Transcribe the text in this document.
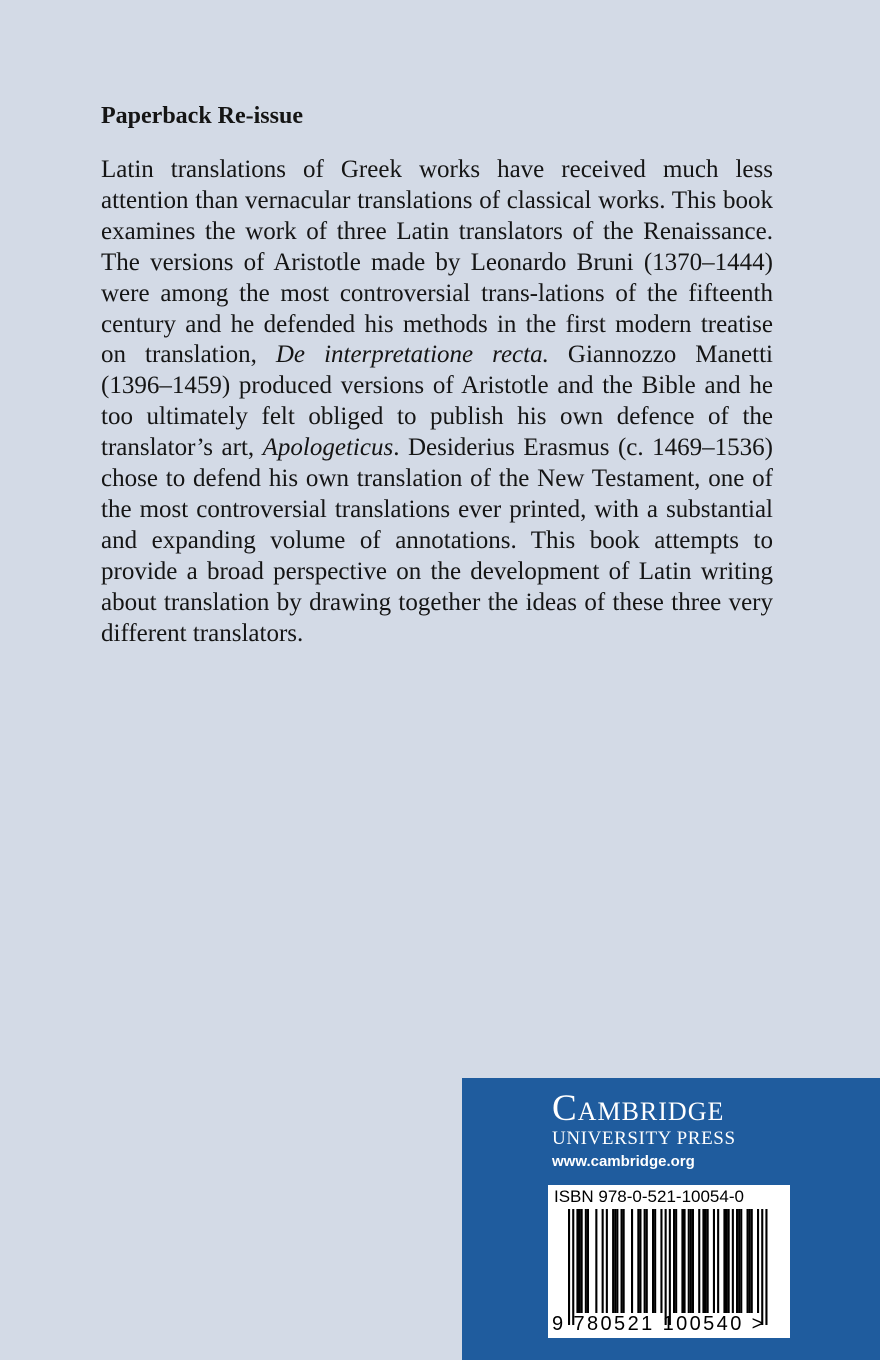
Paperback Re-issue

Latin translations of Greek works have received much less attention than vernacular translations of classical works. This book examines the work of three Latin translators of the Renaissance. The versions of Aristotle made by Leonardo Bruni (1370–1444) were among the most controversial trans-lations of the fifteenth century and he defended his methods in the first modern treatise on translation, De interpretatione recta. Giannozzo Manetti (1396–1459) produced versions of Aristotle and the Bible and he too ultimately felt obliged to publish his own defence of the translator’s art, Apologeticus. Desiderius Erasmus (c. 1469–1536) chose to defend his own translation of the New Testament, one of the most controversial translations ever printed, with a substantial and expanding volume of annotations. This book attempts to provide a broad perspective on the development of Latin writing about translation by drawing together the ideas of these three very different translators.

Cambridge
UNIVERSITY PRESS
www.cambridge.org
ISBN 978-0-521-10054-0
9 780521 100540 >
